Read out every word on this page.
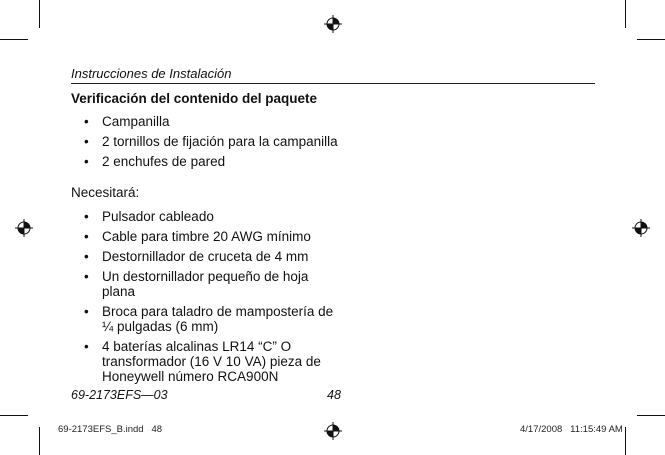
Instrucciones de Instalación
Verificación del contenido del paquete
• Campanilla
• 2 tornillos de fijación para la campanilla
• 2 enchufes de pared
Necesitará:
• Pulsador cableado
• Cable para timbre 20 AWG mínimo
• Destornillador de cruceta de 4 mm
• Un destornillador pequeño de hoja plana
• Broca para taladro de mampostería de ¼ pulgadas (6 mm)
• 4 baterías alcalinas LR14 “C” O transformador (16 V 10 VA) pieza de Honeywell número RCA900N
69-2173EFS—03	48
69-2173EFS_B.indd   48	4/17/2008   11:15:49 AM
